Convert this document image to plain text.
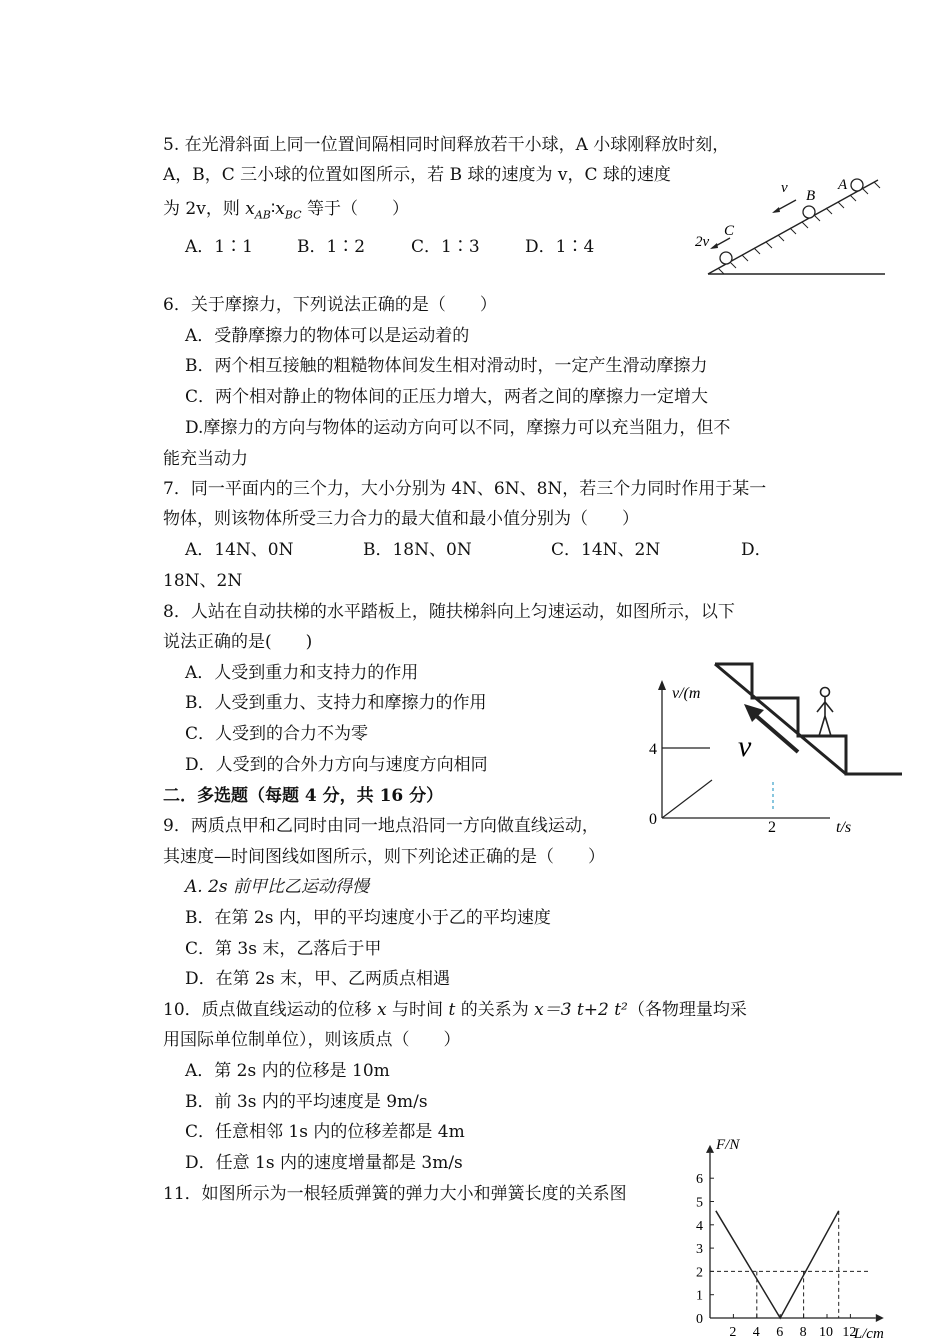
5. 在光滑斜面上同一位置间隔相同时间释放若干小球，A 小球刚释放时刻，
A，B，C 三小球的位置如图所示，若 B 球的速度为 v，C 球的速度
为 2v，则 $x_{AB}∶x_{BC}$ 等于（　　）
A．1∶1	B．1∶2	C．1∶3	D．1∶4
v B
A
2v
C
6．关于摩擦力，下列说法正确的是（　　）
A．受静摩擦力的物体可以是运动着的
B．两个相互接触的粗糙物体间发生相对滑动时，一定产生滑动摩擦力
C．两个相对静止的物体间的正压力增大，两者之间的摩擦力一定增大
D.摩擦力的方向与物体的运动方向可以不同，摩擦力可以充当阻力，但不
能充当动力
7．同一平面内的三个力，大小分别为 4N、6N、8N，若三个力同时作用于某一
物体，则该物体所受三力合力的最大值和最小值分别为（　　）
A．14N、0N	B．18N、0N	C．14N、2N	D．
18N、2N
8．人站在自动扶梯的水平踏板上，随扶梯斜向上匀速运动，如图所示，以下
说法正确的是(　　)
A．人受到重力和支持力的作用
B．人受到重力、支持力和摩擦力的作用
C．人受到的合力不为零
D．人受到的合外力方向与速度方向相同
v/(m
4
0	2	t/s
v
二．多选题（每题 4 分，共 16 分）
9．两质点甲和乙同时由同一地点沿同一方向做直线运动，
其速度—时间图线如图所示，则下列论述正确的是（　　）
A. 2s 前甲比乙运动得慢
B．在第 2s 内，甲的平均速度小于乙的平均速度
C．第 3s 末，乙落后于甲
D．在第 2s 末，甲、乙两质点相遇
10．质点做直线运动的位移 x 与时间 t 的关系为 x＝3 t+2 t²（各物理量均采
用国际单位制单位），则该质点（　　）
A．第 2s 内的位移是 10m
B．前 3s 内的平均速度是 9m/s
C．任意相邻 1s 内的位移差都是 4m
D．任意 1s 内的速度增量都是 3m/s
11．如图所示为一根轻质弹簧的弹力大小和弹簧长度的关系图
F/N
L/cm
1
2
3
4
5
6
0
2 4 6 8 10 12
